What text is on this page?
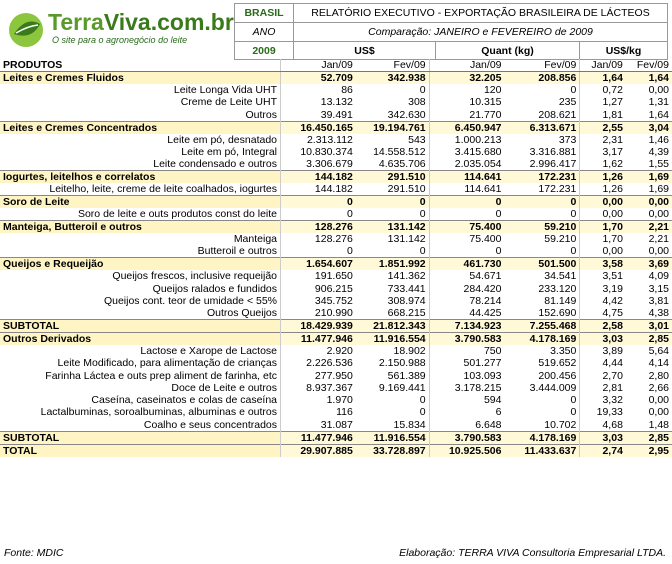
TerraViva.com.br
O site para o agronegócio do leite
BRASIL
ANO
2009
RELATÓRIO EXECUTIVO - EXPORTAÇÃO BRASILEIRA DE LÁCTEOS
Comparação: JANEIRO e FEVEREIRO de 2009
US$	Quant (kg)	US$/kg
PRODUTOS	Jan/09	Fev/09	Jan/09	Fev/09	Jan/09	Fev/09
Leites e Cremes Fluidos	52.709	342.938	32.205	208.856	1,64	1,64
Leite Longa Vida UHT	86	0	120	0	0,72	0,00
Creme de Leite UHT	13.132	308	10.315	235	1,27	1,31
Outros	39.491	342.630	21.770	208.621	1,81	1,64
Leites e Cremes Concentrados	16.450.165	19.194.761	6.450.947	6.313.671	2,55	3,04
Leite em pó, desnatado	2.313.112	543	1.000.213	373	2,31	1,46
Leite em pó, Integral	10.830.374	14.558.512	3.415.680	3.316.881	3,17	4,39
Leite condensado e outros	3.306.679	4.635.706	2.035.054	2.996.417	1,62	1,55
Iogurtes, leitelhos e correlatos	144.182	291.510	114.641	172.231	1,26	1,69
Leitelho, leite, creme de leite coalhados, iogurtes	144.182	291.510	114.641	172.231	1,26	1,69
Soro de Leite	0	0	0	0	0,00	0,00
Soro de leite e outs produtos const do leite	0	0	0	0	0,00	0,00
Manteiga, Butteroil e outros	128.276	131.142	75.400	59.210	1,70	2,21
Manteiga	128.276	131.142	75.400	59.210	1,70	2,21
Butteroil e outros	0	0	0	0	0,00	0,00
Queijos e Requeijão	1.654.607	1.851.992	461.730	501.500	3,58	3,69
Queijos frescos, inclusive requeijão	191.650	141.362	54.671	34.541	3,51	4,09
Queijos ralados e fundidos	906.215	733.441	284.420	233.120	3,19	3,15
Queijos cont. teor de umidade < 55%	345.752	308.974	78.214	81.149	4,42	3,81
Outros Queijos	210.990	668.215	44.425	152.690	4,75	4,38
SUBTOTAL	18.429.939	21.812.343	7.134.923	7.255.468	2,58	3,01
Outros Derivados	11.477.946	11.916.554	3.790.583	4.178.169	3,03	2,85
Lactose e Xarope de Lactose	2.920	18.902	750	3.350	3,89	5,64
Leite Modificado, para alimentação de crianças	2.226.536	2.150.988	501.277	519.652	4,44	4,14
Farinha Láctea e outs prep aliment de farinha, etc	277.950	561.389	103.093	200.456	2,70	2,80
Doce de Leite e outros	8.937.367	9.169.441	3.178.215	3.444.009	2,81	2,66
Caseína, caseinatos e colas de caseína	1.970	0	594	0	3,32	0,00
Lactalbuminas, soroalbuminas, albuminas e outros	116	0	6	0	19,33	0,00
Coalho e seus concentrados	31.087	15.834	6.648	10.702	4,68	1,48
SUBTOTAL	11.477.946	11.916.554	3.790.583	4.178.169	3,03	2,85
TOTAL	29.907.885	33.728.897	10.925.506	11.433.637	2,74	2,95
Fonte: MDIC	Elaboração: TERRA VIVA Consultoria Empresarial LTDA.
